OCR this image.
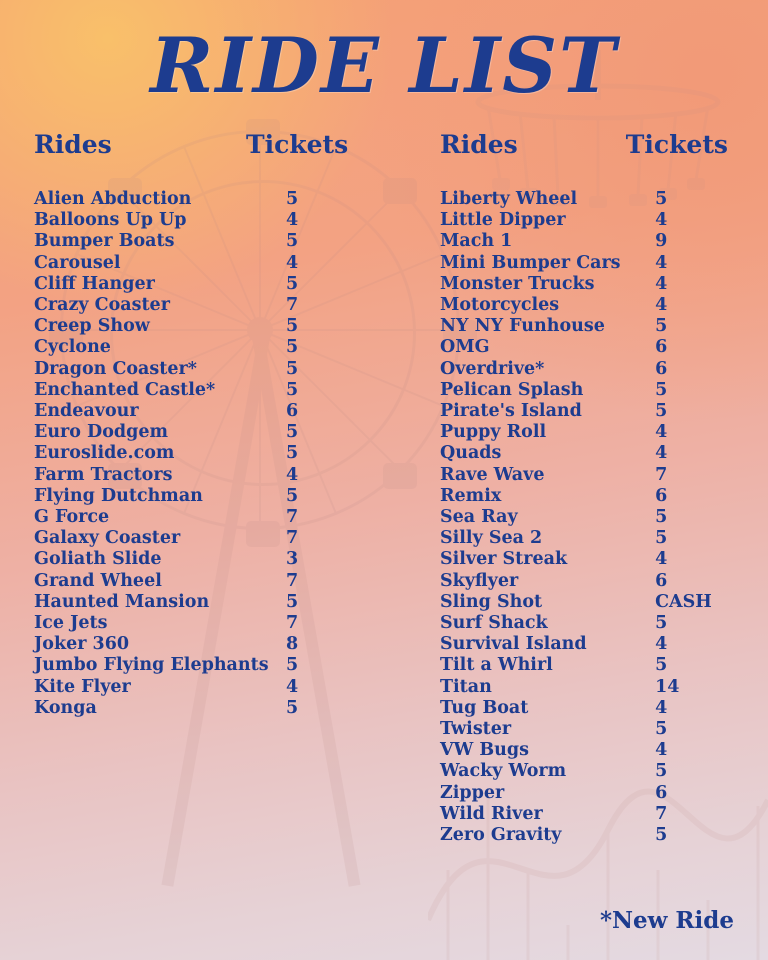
RIDE LIST
Rides	Tickets
Alien Abduction	5
Balloons Up Up	4
Bumper Boats	5
Carousel	4
Cliff Hanger	5
Crazy Coaster	7
Creep Show	5
Cyclone	5
Dragon Coaster*	5
Enchanted Castle*	5
Endeavour	6
Euro Dodgem	5
Euroslide.com	5
Farm Tractors	4
Flying Dutchman	5
G Force	7
Galaxy Coaster	7
Goliath Slide	3
Grand Wheel	7
Haunted Mansion	5
Ice Jets	7
Joker 360	8
Jumbo Flying Elephants 5
Kite Flyer	4
Konga	5
Rides	Tickets
Liberty Wheel	5
Little Dipper	4
Mach 1	9
Mini Bumper Cars	4
Monster Trucks	4
Motorcycles	4
NY NY Funhouse	5
OMG	6
Overdrive*	6
Pelican Splash	5
Pirate's Island	5
Puppy Roll	4
Quads	4
Rave Wave	7
Remix	6
Sea Ray	5
Silly Sea 2	5
Silver Streak	4
Skyflyer	6
Sling Shot	CASH
Surf Shack	5
Survival Island	4
Tilt a Whirl	5
Titan	14
Tug Boat	4
Twister	5
VW Bugs	4
Wacky Worm	5
Zipper	6
Wild River	7
Zero Gravity	5
*New Ride
